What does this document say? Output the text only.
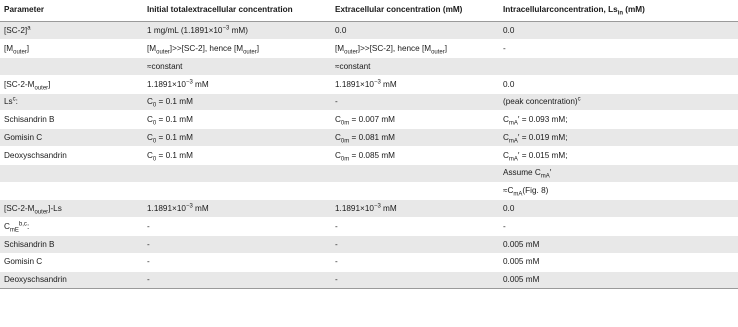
Parameter	Initial totalextracellular concentration	Extracellular concentration (mM)	Intracellularconcentration, $Ls_{in}$ (mM)
$[SC-2]^a$	1 mg/mL ($1.1891\times 10^{-3}$ mM)	0.0	0.0
$[M_{outer}]$	$[M_{outer}]>>[SC-2]$, hence $[M_{outer}]$	$[M_{outer}]>>[SC-2]$, hence $[M_{outer}]$	-
	≈constant	≈constant	
$[SC-2-M_{outer}]$	$1.1891\times 10^{-3}$ mM	$1.1891\times 10^{-3}$ mM	0.0
Ls$^c$:	$C_0 = 0.1$ mM	-	(peak concentration)$^c$
Schisandrin B	$C_0 = 0.1$ mM	$C_{0m} = 0.007$ mM	$C_{mA}' = 0.093$ mM;
Gomisin C	$C_0 = 0.1$ mM	$C_{0m} = 0.081$ mM	$C_{mA}' = 0.019$ mM;
Deoxyschsandrin	$C_0 = 0.1$ mM	$C_{0m} = 0.085$ mM	$C_{mA}' = 0.015$ mM;
			Assume $C_{mA}'$
			$\approx C_{mA}(Fig$. 8)
$[SC-2-M_{outer}]-Ls$	$1.1891\times 10^{-3}$ mM	$1.1891\times 10^{-3}$ mM	0.0
$C_{mE}^{b,c}$:	-	-	-
Schisandrin B	-	-	0.005 mM
Gomisin C	-	-	0.005 mM
Deoxyschsandrin	-	-	0.005 mM
